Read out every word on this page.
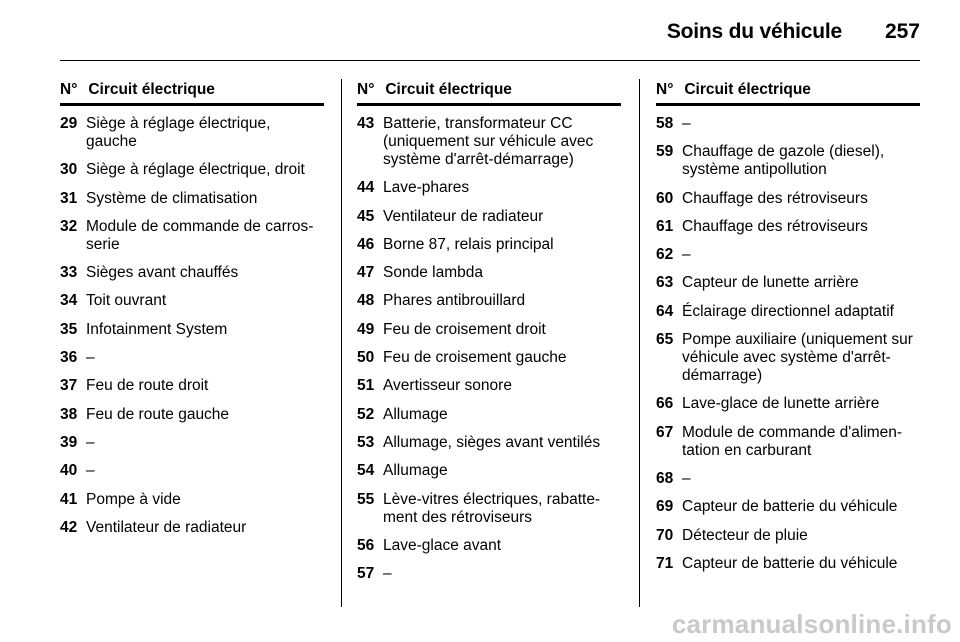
Soins du véhicule 257
N° Circuit électrique
29 Siège à réglage électrique, gauche
30 Siège à réglage électrique, droit
31 Système de climatisation
32 Module de commande de carros-serie
33 Sièges avant chauffés
34 Toit ouvrant
35 Infotainment System
36 –
37 Feu de route droit
38 Feu de route gauche
39 –
40 –
41 Pompe à vide
42 Ventilateur de radiateur
N° Circuit électrique
43 Batterie, transformateur CC (uniquement sur véhicule avec système d'arrêt-démarrage)
44 Lave-phares
45 Ventilateur de radiateur
46 Borne 87, relais principal
47 Sonde lambda
48 Phares antibrouillard
49 Feu de croisement droit
50 Feu de croisement gauche
51 Avertisseur sonore
52 Allumage
53 Allumage, sièges avant ventilés
54 Allumage
55 Lève-vitres électriques, rabatte-ment des rétroviseurs
56 Lave-glace avant
57 –
N° Circuit électrique
58 –
59 Chauffage de gazole (diesel), système antipollution
60 Chauffage des rétroviseurs
61 Chauffage des rétroviseurs
62 –
63 Capteur de lunette arrière
64 Éclairage directionnel adaptatif
65 Pompe auxiliaire (uniquement sur véhicule avec système d'arrêt-démarrage)
66 Lave-glace de lunette arrière
67 Module de commande d'alimen-tation en carburant
68 –
69 Capteur de batterie du véhicule
70 Détecteur de pluie
71 Capteur de batterie du véhicule
carmanualsonline.info
